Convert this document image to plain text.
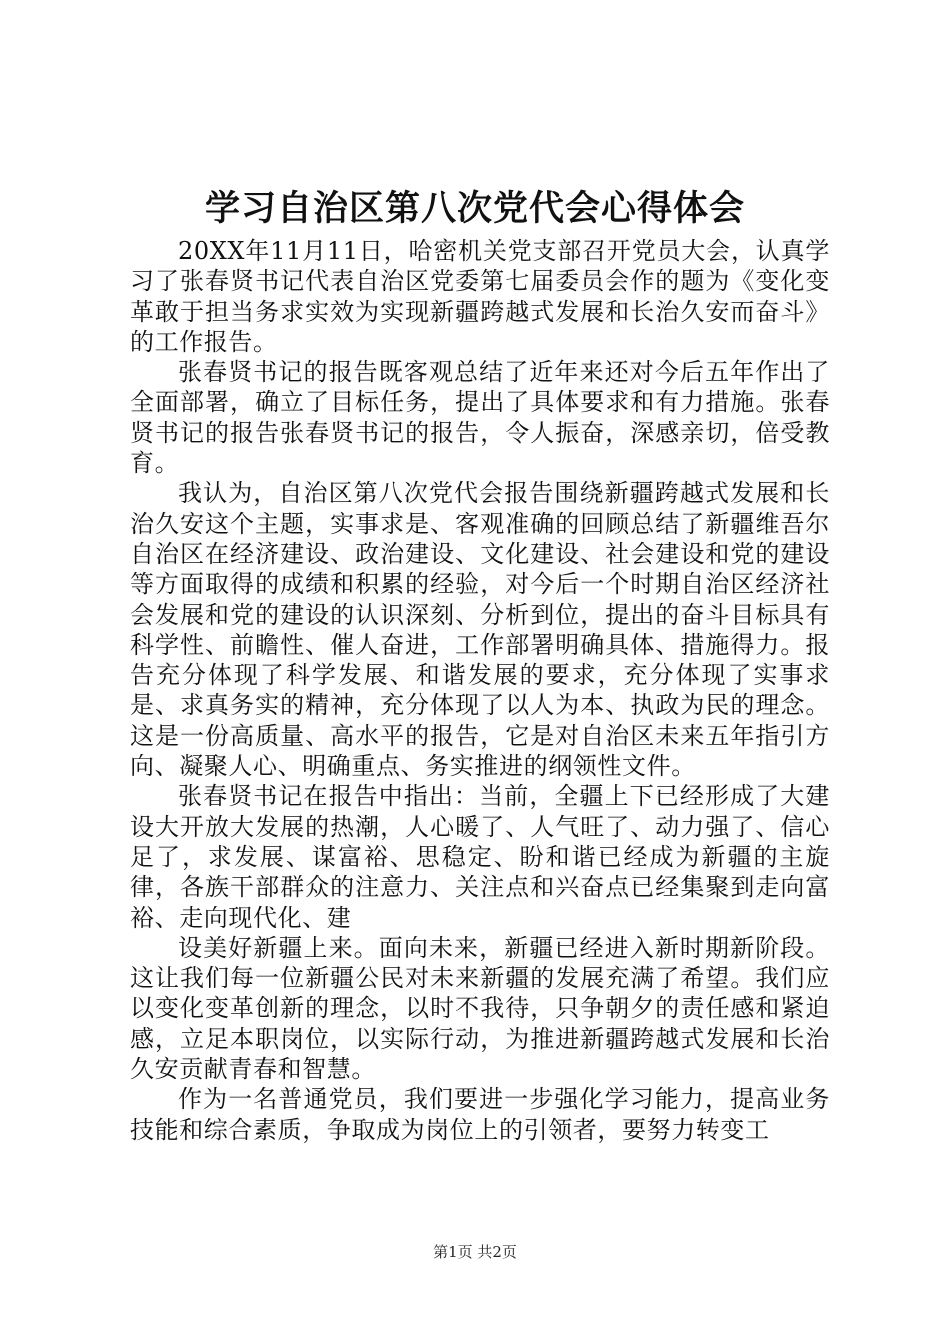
学习自治区第八次党代会心得体会

20XX年11月11日，哈密机关党支部召开党员大会，认真学习了张春贤书记代表自治区党委第七届委员会作的题为《变化变革敢于担当务求实效为实现新疆跨越式发展和长治久安而奋斗》的工作报告。

张春贤书记的报告既客观总结了近年来还对今后五年作出了全面部署，确立了目标任务，提出了具体要求和有力措施。张春贤书记的报告张春贤书记的报告，令人振奋，深感亲切，倍受教育。

我认为，自治区第八次党代会报告围绕新疆跨越式发展和长治久安这个主题，实事求是、客观准确的回顾总结了新疆维吾尔自治区在经济建设、政治建设、文化建设、社会建设和党的建设等方面取得的成绩和积累的经验，对今后一个时期自治区经济社会发展和党的建设的认识深刻、分析到位，提出的奋斗目标具有科学性、前瞻性、催人奋进，工作部署明确具体、措施得力。报告充分体现了科学发展、和谐发展的要求，充分体现了实事求是、求真务实的精神，充分体现了以人为本、执政为民的理念。这是一份高质量、高水平的报告，它是对自治区未来五年指引方向、凝聚人心、明确重点、务实推进的纲领性文件。

张春贤书记在报告中指出：当前，全疆上下已经形成了大建设大开放大发展的热潮，人心暖了、人气旺了、动力强了、信心足了，求发展、谋富裕、思稳定、盼和谐已经成为新疆的主旋律，各族干部群众的注意力、关注点和兴奋点已经集聚到走向富裕、走向现代化、建

设美好新疆上来。面向未来，新疆已经进入新时期新阶段。这让我们每一位新疆公民对未来新疆的发展充满了希望。我们应以变化变革创新的理念，以时不我待，只争朝夕的责任感和紧迫感，立足本职岗位，以实际行动，为推进新疆跨越式发展和长治久安贡献青春和智慧。

作为一名普通党员，我们要进一步强化学习能力，提高业务技能和综合素质，争取成为岗位上的引领者，要努力转变工

第1页 共2页
